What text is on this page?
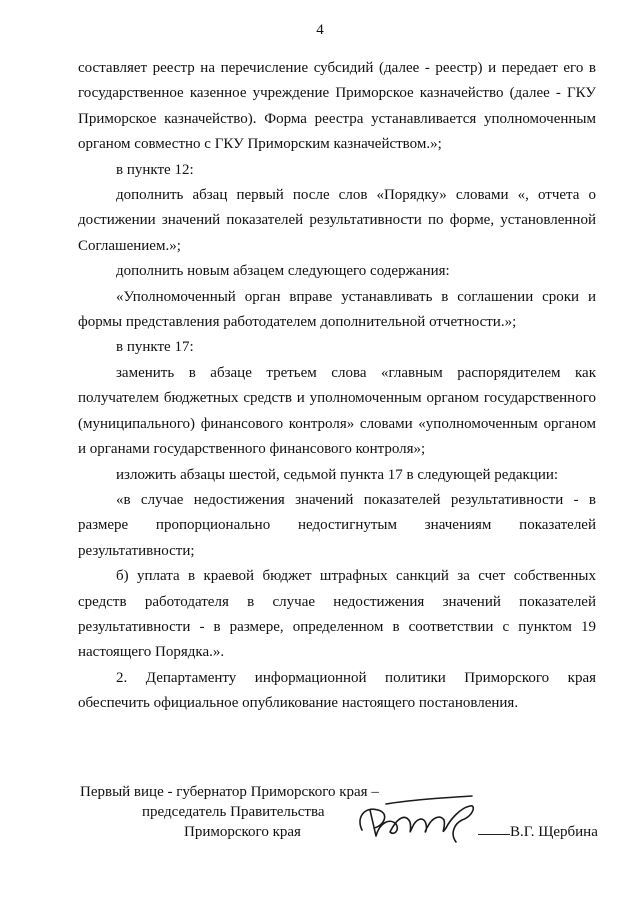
4

составляет реестр на перечисление субсидий (далее - реестр) и передает его в государственное казенное учреждение Приморское казначейство (далее - ГКУ Приморское казначейство). Форма реестра устанавливается уполномоченным органом совместно с ГКУ Приморским казначейством.»;

в пункте 12:

дополнить абзац первый после слов «Порядку» словами «, отчета о достижении значений показателей результативности по форме, установленной Соглашением.»;

дополнить новым абзацем следующего содержания:

«Уполномоченный орган вправе устанавливать в соглашении сроки и формы представления работодателем дополнительной отчетности.»;

в пункте 17:

заменить в абзаце третьем слова «главным распорядителем как получателем бюджетных средств и уполномоченным органом государственного (муниципального) финансового контроля» словами «уполномоченным органом и органами государственного финансового контроля»;

изложить абзацы шестой, седьмой пункта 17 в следующей редакции:

«в случае недостижения значений показателей результативности - в размере пропорционально недостигнутым значениям показателей результативности;

б) уплата в краевой бюджет штрафных санкций за счет собственных средств работодателя в случае недостижения значений показателей результативности - в размере, определенном в соответствии с пунктом 19 настоящего Порядка.».

2. Департаменту информационной политики Приморского края обеспечить официальное опубликование настоящего постановления.

Первый вице - губернатор Приморского края –
председатель Правительства
Приморского края	В.Г. Щербина
